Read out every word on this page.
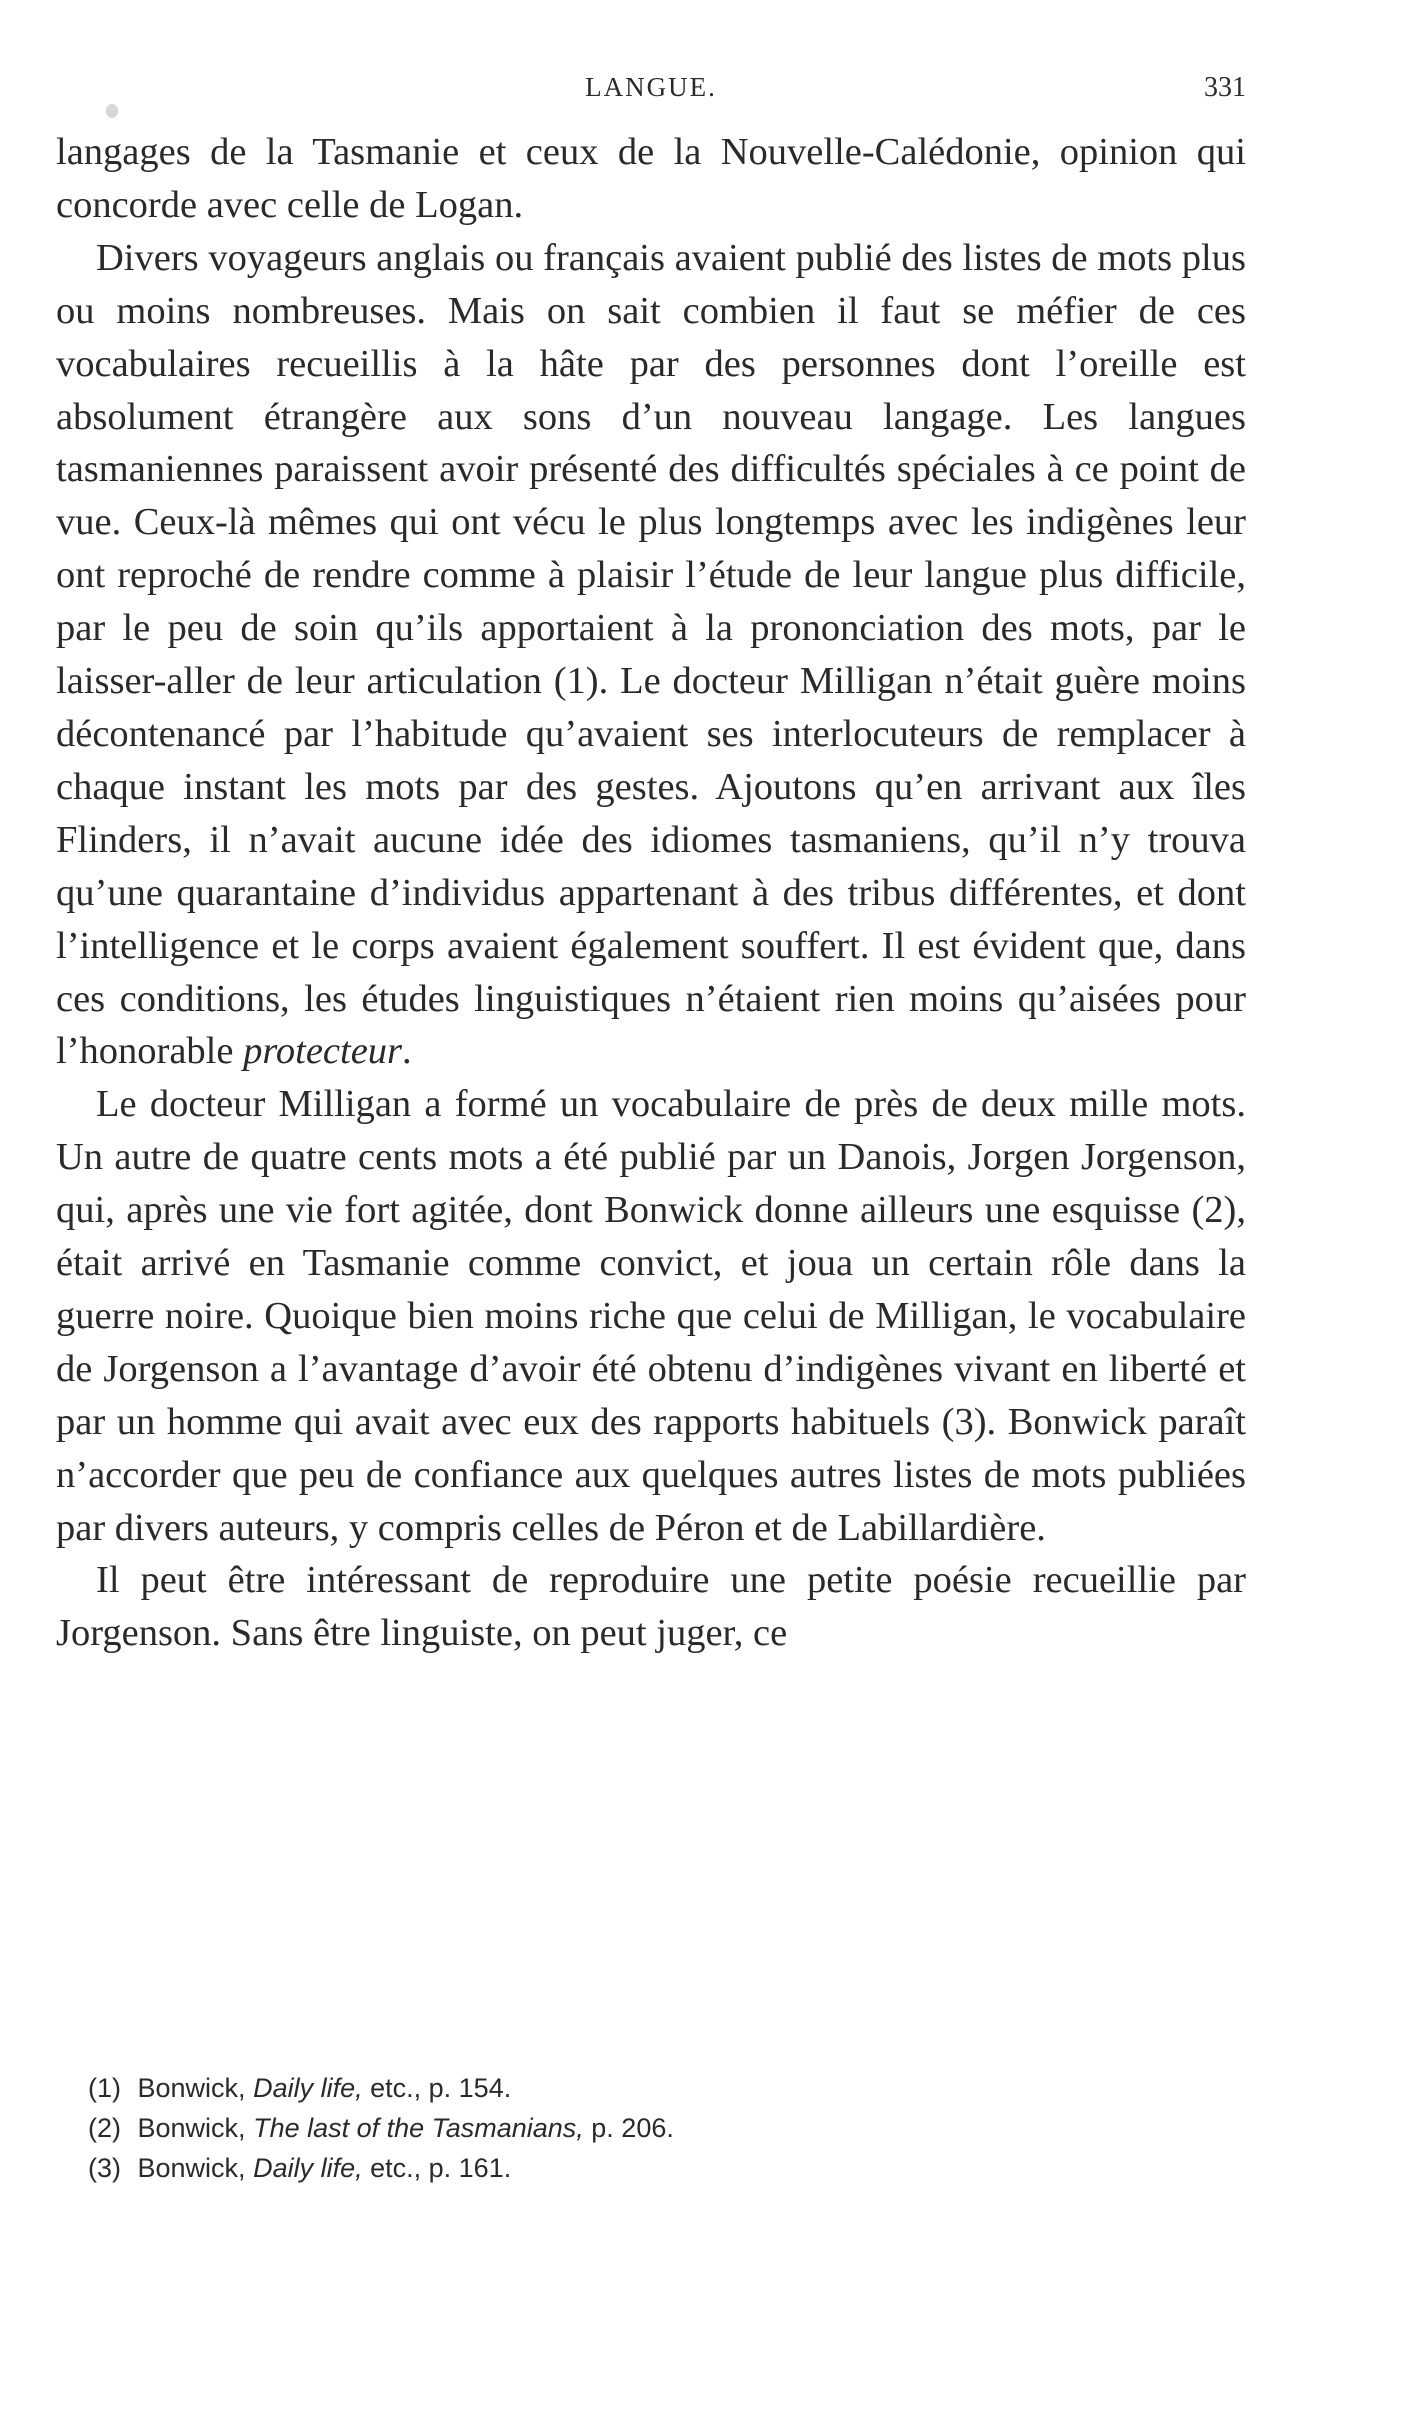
LANGUE.	331

langages de la Tasmanie et ceux de la Nouvelle-Calédonie, opinion qui concorde avec celle de Logan.

Divers voyageurs anglais ou français avaient publié des listes de mots plus ou moins nombreuses. Mais on sait combien il faut se méfier de ces vocabulaires recueillis à la hâte par des personnes dont l’oreille est absolument étrangère aux sons d’un nouveau langage. Les langues tasmaniennes paraissent avoir présenté des difficultés spéciales à ce point de vue. Ceux-là mêmes qui ont vécu le plus longtemps avec les indigènes leur ont reproché de rendre comme à plaisir l’étude de leur langue plus difficile, par le peu de soin qu’ils apportaient à la prononciation des mots, par le laisser-aller de leur articulation (1). Le docteur Milligan n’était guère moins décontenancé par l’habitude qu’avaient ses interlocuteurs de remplacer à chaque instant les mots par des gestes. Ajoutons qu’en arrivant aux îles Flinders, il n’avait aucune idée des idiomes tasmaniens, qu’il n’y trouva qu’une quarantaine d’individus appartenant à des tribus différentes, et dont l’intelligence et le corps avaient également souffert. Il est évident que, dans ces conditions, les études linguistiques n’étaient rien moins qu’aisées pour l’honorable protecteur.

Le docteur Milligan a formé un vocabulaire de près de deux mille mots. Un autre de quatre cents mots a été publié par un Danois, Jorgen Jorgenson, qui, après une vie fort agitée, dont Bonwick donne ailleurs une esquisse (2), était arrivé en Tasmanie comme convict, et joua un certain rôle dans la guerre noire. Quoique bien moins riche que celui de Milligan, le vocabulaire de Jorgenson a l’avantage d’avoir été obtenu d’indigènes vivant en liberté et par un homme qui avait avec eux des rapports habituels (3). Bonwick paraît n’accorder que peu de confiance aux quelques autres listes de mots publiées par divers auteurs, y compris celles de Péron et de Labillardière.

Il peut être intéressant de reproduire une petite poésie recueillie par Jorgenson. Sans être linguiste, on peut juger, ce

(1) Bonwick, Daily life, etc., p. 154.
(2) Bonwick, The last of the Tasmanians, p. 206.
(3) Bonwick, Daily life, etc., p. 161.
